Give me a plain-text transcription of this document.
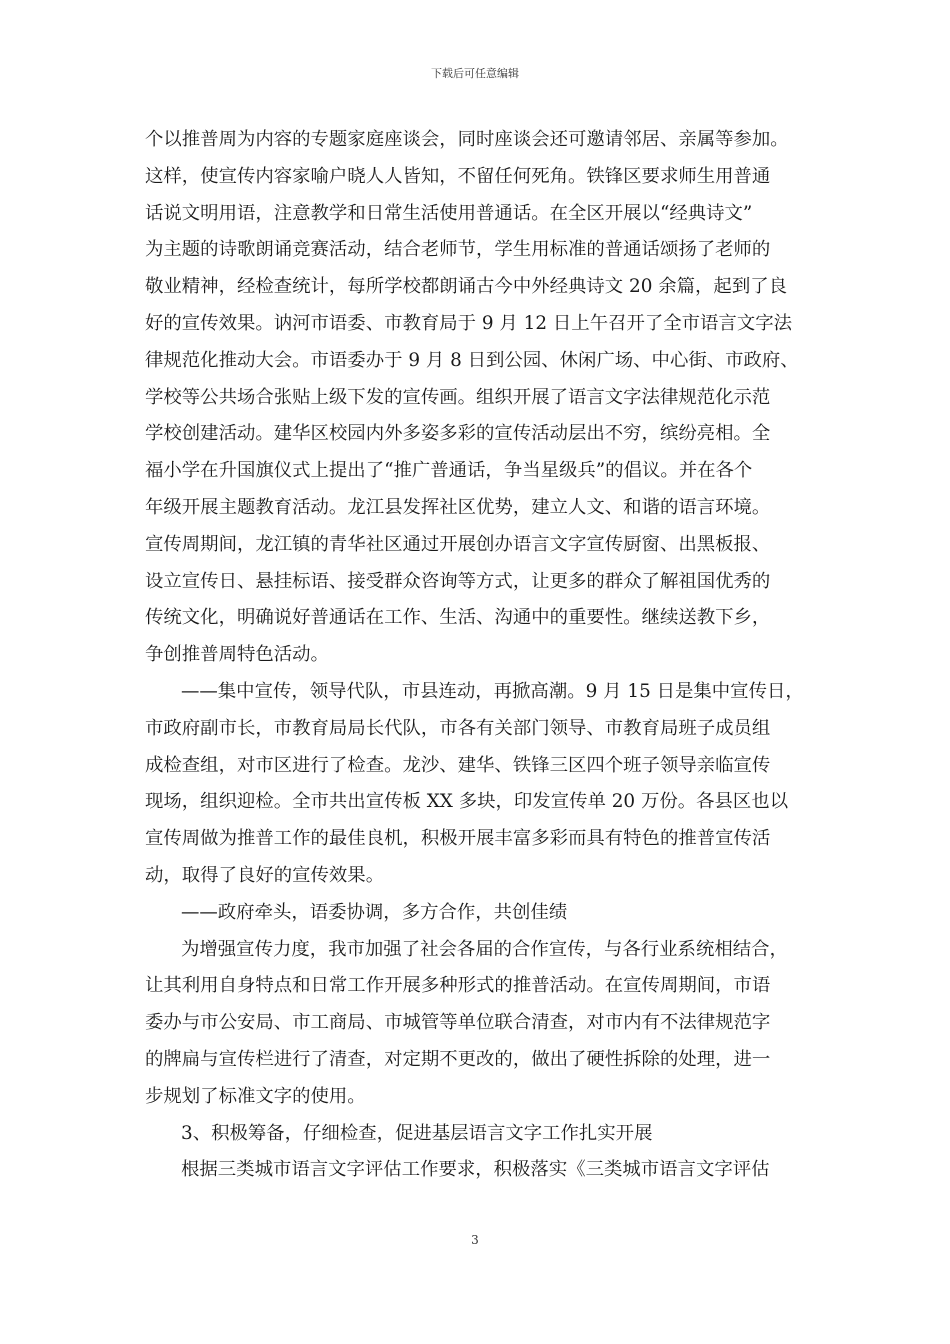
下载后可任意编辑
个以推普周为内容的专题家庭座谈会，同时座谈会还可邀请邻居、亲属等参加。
这样，使宣传内容家喻户晓人人皆知，不留任何死角。铁锋区要求师生用普通
话说文明用语，注意教学和日常生活使用普通话。在全区开展以“经典诗文”
为主题的诗歌朗诵竞赛活动，结合老师节，学生用标准的普通话颂扬了老师的
敬业精神，经检查统计，每所学校都朗诵古今中外经典诗文 20 余篇，起到了良
好的宣传效果。讷河市语委、市教育局于 9 月 12 日上午召开了全市语言文字法
律规范化推动大会。市语委办于 9 月 8 日到公园、休闲广场、中心街、市政府、
学校等公共场合张贴上级下发的宣传画。组织开展了语言文字法律规范化示范
学校创建活动。建华区校园内外多姿多彩的宣传活动层出不穷，缤纷亮相。全
福小学在升国旗仪式上提出了“推广普通话，争当星级兵”的倡议。并在各个
年级开展主题教育活动。龙江县发挥社区优势，建立人文、和谐的语言环境。
宣传周期间，龙江镇的青华社区通过开展创办语言文字宣传厨窗、出黑板报、
设立宣传日、悬挂标语、接受群众咨询等方式，让更多的群众了解祖国优秀的
传统文化，明确说好普通话在工作、生活、沟通中的重要性。继续送教下乡，
争创推普周特色活动。
——集中宣传，领导代队，市县连动，再掀高潮。9 月 15 日是集中宣传日，
市政府副市长，市教育局局长代队，市各有关部门领导、市教育局班子成员组
成检查组，对市区进行了检查。龙沙、建华、铁锋三区四个班子领导亲临宣传
现场，组织迎检。全市共出宣传板 XX 多块，印发宣传单 20 万份。各县区也以
宣传周做为推普工作的最佳良机，积极开展丰富多彩而具有特色的推普宣传活
动，取得了良好的宣传效果。
——政府牵头，语委协调，多方合作，共创佳绩
为增强宣传力度，我市加强了社会各届的合作宣传，与各行业系统相结合，
让其利用自身特点和日常工作开展多种形式的推普活动。在宣传周期间，市语
委办与市公安局、市工商局、市城管等单位联合清查，对市内有不法律规范字
的牌扁与宣传栏进行了清查，对定期不更改的，做出了硬性拆除的处理，进一
步规划了标准文字的使用。
3、积极筹备，仔细检查，促进基层语言文字工作扎实开展
根据三类城市语言文字评估工作要求，积极落实《三类城市语言文字评估
3
